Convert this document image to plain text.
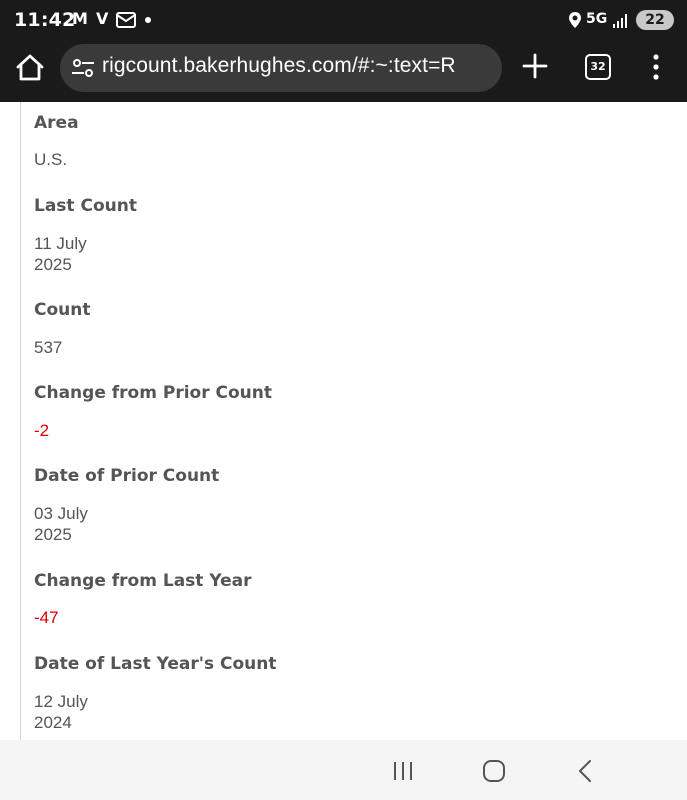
11:42
M V	5G	22
rigcount.bakerhughes.com/#:~:text=R	32
Area
U.S.
Last Count
11 July
2025
Count
537
Change from Prior Count
-2
Date of Prior Count
03 July
2025
Change from Last Year
-47
Date of Last Year's Count
12 July
2024
